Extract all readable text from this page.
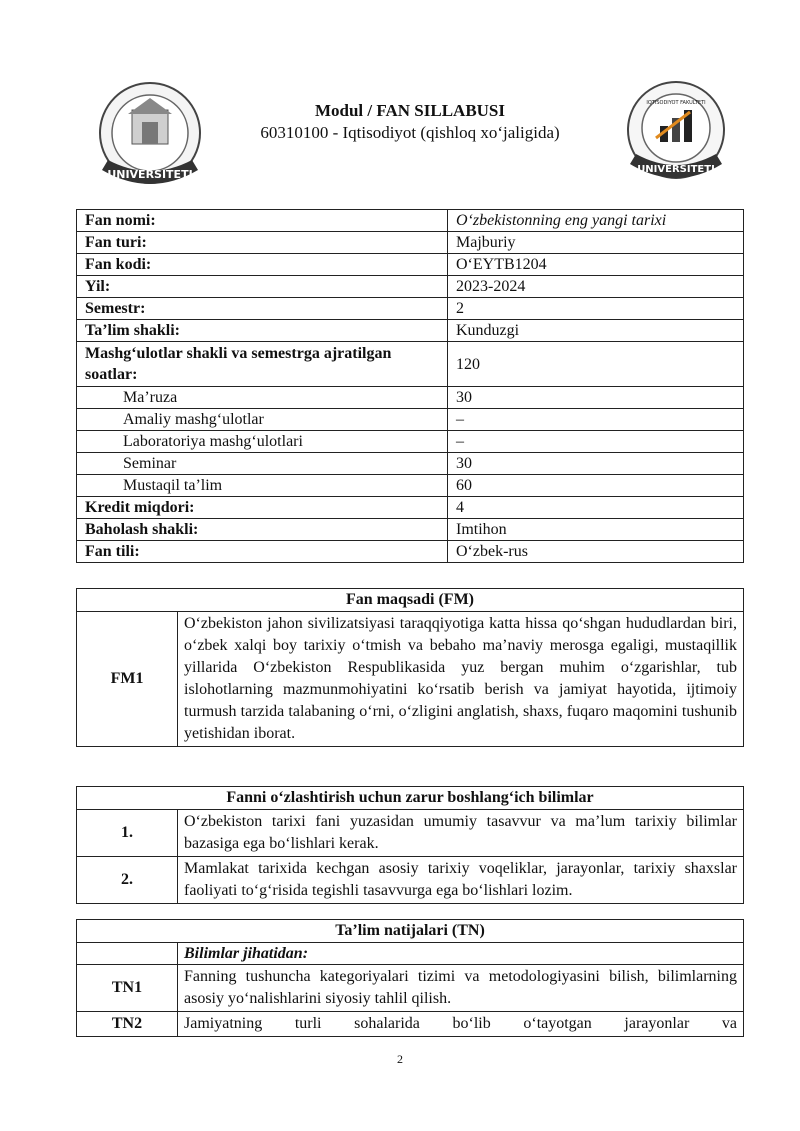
UNIVERSITETI
IQTISODIYOT FAKULTETI
UNIVERSITETI
Modul / FAN SILLABUSI
60310100 - Iqtisodiyot (qishloq xo‘jaligida)
Fan nomi:	O‘zbekistonning eng yangi tarixi
Fan turi:	Majburiy
Fan kodi:	O‘EYTB1204
Yil:	2023-2024
Semestr:	2
Ta’lim shakli:	Kunduzgi
Mashg‘ulotlar shakli va semestrga ajratilgan soatlar:	120
Ma’ruza	30
Amaliy mashg‘ulotlar	–
Laboratoriya mashg‘ulotlari	–
Seminar	30
Mustaqil ta’lim	60
Kredit miqdori:	4
Baholash shakli:	Imtihon
Fan tili:	O‘zbek-rus
Fan maqsadi (FM)
FM1	O‘zbekiston jahon sivilizatsiyasi taraqqiyotiga katta hissa qo‘shgan hududlardan biri, o‘zbek xalqi boy tarixiy o‘tmish va bebaho ma’naviy merosga egaligi, mustaqillik yillarida O‘zbekiston Respublikasida yuz bergan muhim o‘zgarishlar, tub islohotlarning mazmunmohiyatini ko‘rsatib berish va jamiyat hayotida, ijtimoiy turmush tarzida talabaning o‘rni, o‘zligini anglatish, shaxs, fuqaro maqomini tushunib yetishidan iborat.
Fanni o‘zlashtirish uchun zarur boshlang‘ich bilimlar	
1.	O‘zbekiston tarixi fani yuzasidan umumiy tasavvur va ma’lum tarixiy bilimlar bazasiga ega bo‘lishlari kerak.
2.	Mamlakat tarixida kechgan asosiy tarixiy voqeliklar, jarayonlar, tarixiy shaxslar faoliyati to‘g‘risida tegishli tasavvurga ega bo‘lishlari lozim.
Ta’lim natijalari (TN)	
	Bilimlar jihatidan:
TN1	Fanning tushuncha kategoriyalari tizimi va metodologiyasini bilish, bilimlarning asosiy yo‘nalishlarini siyosiy tahlil qilish.
TN2	Jamiyatning turli sohalarida bo‘lib o‘tayotgan jarayonlar va
2
